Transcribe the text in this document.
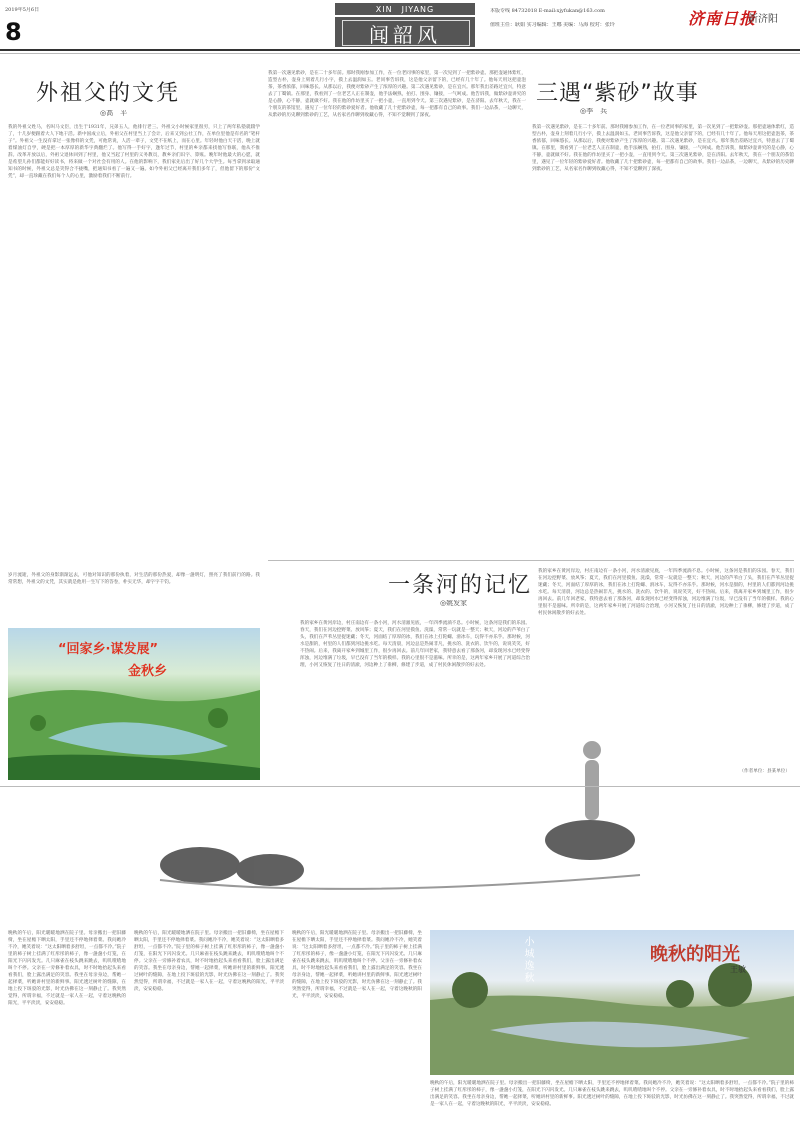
8
XIN　JIYANG
闻韶风
2019年5月6日	本版专线 84732018 E-mail:xjyfukan@163.com
值班主任：耿娟 实习编辑：王娜 美编：马海 校对：张玲	济南日报
新济阳
外祖父的文凭
◎高　平
我的外祖父姓马，名叫马文臣，出生于1931年，兄弟五人，他排行老三。外祖父小时候家里很穷，只上了两年私塾就辍学了，十几岁便跟着大人下地干活。新中国成立后，外祖父在村里当上了会计，后来又到公社工作，在单位里他是有名的“笔杆子”。外祖父一生没有拿过一张像样的文凭，可他常说，人活一辈子，文凭不在纸上，而在心里。年轻时他白天干活，晚上就着煤油灯自学，硬是把一本厚厚的新华字典翻烂了。他写得一手好字，逢年过节，村里的乡亲都来找他写春联，他从不推辞。改革开放以后，外祖父退休回到了村里，他又当起了村里的义务教员，教乡亲们识字、算账。晚年时他最大的心愿，就是希望儿孙们都能好好读书，将来做一个对社会有用的人。在他的影响下，我们家先后出了好几个大学生。每当拿到录取通知书的时候，外祖父总是笑得合不拢嘴，把通知书看了一遍又一遍。如今外祖父已经离开我们多年了，但他留下的那份“文凭”，却一直珍藏在我们每个人的心里，激励着我们不断前行。
岁月流逝，外祖父的身影渐渐远去，可他对知识的那份执着，对生活的那份热爱，却像一盏明灯，照亮了我们前行的路。我常常想，外祖父的文凭，其实就是他用一生写下的答卷，朴实无华，却字字千钧。
“回家乡·谋发展”
金秋乡
三遇“紫砂”故事
◎李　兵
我第一次遇见紫砂，是在二十多年前。那时我刚参加工作，在一位老同事的家里，第一次见到了一把紫砂壶。那把壶通体紫红，造型古朴，壶身上刻着几行小字，摸上去温润如玉。老同事告诉我，这是他父亲留下的，已经有几十年了。他每天用这把壶泡茶，茶香浓郁，回味悠长。从那以后，我便对紫砂产生了浓厚的兴趣。第二次遇见紫砂，是在宜兴。那年我出差路过宜兴，特意去了丁蜀镇。在那里，我看到了一位老艺人正在制壶，他手法娴熟，拍打、围身、镶接，一气呵成。他告诉我，做紫砂壶讲究的是心静，心不静，壶就做不好。我在他的作坊里买了一把小壶，一直用到今天。第三次遇见紫砂，是在济阳。去年秋天，我在一个朋友的茶馆里，遇见了一位年轻的紫砂爱好者。他收藏了几十把紫砂壶，每一把都有自己的故事。我们一边品茶，一边聊天，从紫砂的历史聊到紫砂的工艺，从名家名作聊到收藏心得，不知不觉聊到了深夜。
我第一次遇见紫砂，是在二十多年前。那时我刚参加工作，在一位老同事的家里，第一次见到了一把紫砂壶。那把壶通体紫红，造型古朴，壶身上刻着几行小字，摸上去温润如玉。老同事告诉我，这是他父亲留下的，已经有几十年了。他每天用这把壶泡茶，茶香浓郁，回味悠长。从那以后，我便对紫砂产生了浓厚的兴趣。第二次遇见紫砂，是在宜兴。那年我出差路过宜兴，特意去了丁蜀镇。在那里，我看到了一位老艺人正在制壶，他手法娴熟，拍打、围身、镶接，一气呵成。他告诉我，做紫砂壶讲究的是心静，心不静，壶就做不好。我在他的作坊里买了一把小壶，一直用到今天。第三次遇见紫砂，是在济阳。去年秋天，我在一个朋友的茶馆里，遇见了一位年轻的紫砂爱好者。他收藏了几十把紫砂壶，每一把都有自己的故事。我们一边品茶，一边聊天，从紫砂的历史聊到紫砂的工艺，从名家名作聊到收藏心得，不知不觉聊到了深夜。
一条河的记忆
◎姚发家
我的家乡在黄河岸边，村庄南边有一条小河，河水清澈见底，一年四季流淌不息。小时候，这条河是我们的乐园。春天，我们在河边挖野菜、放风筝；夏天，我们在河里摸鱼、洗澡，常常一玩就是一整天；秋天，河边的芦苇白了头，我们在芦苇丛里捉迷藏；冬天，河面结了厚厚的冰，我们在冰上打陀螺、滑冰车，玩得不亦乐乎。那时候，河水是甜的，村里的人们都到河边挑水吃。每天清晨，河边总是热闹非凡，挑水的、洗衣的、饮牛的，说说笑笑，好不热闹。后来，我离开家乡到城里工作，很少再回去。前几年回老家，我特意去看了那条河，却发现河水已经变得浑浊，河边堆满了垃圾，早已没有了当年的模样。我的心里很不是滋味。所幸的是，这两年家乡开展了河道综合治理，小河又恢复了往日的清澈，河边种上了垂柳，修建了步道，成了村民休闲散步的好去处。
我的家乡在黄河岸边，村庄南边有一条小河，河水清澈见底，一年四季流淌不息。小时候，这条河是我们的乐园。春天，我们在河边挖野菜、放风筝；夏天，我们在河里摸鱼、洗澡，常常一玩就是一整天；秋天，河边的芦苇白了头，我们在芦苇丛里捉迷藏；冬天，河面结了厚厚的冰，我们在冰上打陀螺、滑冰车，玩得不亦乐乎。那时候，河水是甜的，村里的人们都到河边挑水吃。每天清晨，河边总是热闹非凡，挑水的、洗衣的、饮牛的，说说笑笑，好不热闹。后来，我离开家乡到城里工作，很少再回去。前几年回老家，我特意去看了那条河，却发现河水已经变得浑浊，河边堆满了垃圾，早已没有了当年的模样。我的心里很不是滋味。所幸的是，这两年家乡开展了河道综合治理，小河又恢复了往日的清澈，河边种上了垂柳，修建了步道，成了村民休闲散步的好去处。
（作者单位：县某单位）
晚秋的午后，阳光暖暖地洒在院子里。母亲搬出一把旧藤椅，坐在屋檐下晒太阳，手里还不停地择着菜。我问她冷不冷，她笑着说：“这太阳晒着多舒坦，一点都不冷。”院子里的柿子树上挂满了红彤彤的柿子，像一盏盏小灯笼，在阳光下闪闪发光。几只麻雀在枝头跳来跳去，叽叽喳喳地叫个不停。父亲在一旁修补着农具，时不时地抬起头来看看我们，脸上露出满足的笑容。我坐在母亲身边，帮她一起择菜，听她讲村里的新鲜事。阳光透过树叶的缝隙，在地上投下斑驳的光影，时光仿佛在这一刻静止了。我突然觉得，所谓幸福，不过就是一家人在一起，守着这晚秋的阳光，平平淡淡，安安稳稳。
晚秋的午后，阳光暖暖地洒在院子里。母亲搬出一把旧藤椅，坐在屋檐下晒太阳，手里还不停地择着菜。我问她冷不冷，她笑着说：“这太阳晒着多舒坦，一点都不冷。”院子里的柿子树上挂满了红彤彤的柿子，像一盏盏小灯笼，在阳光下闪闪发光。几只麻雀在枝头跳来跳去，叽叽喳喳地叫个不停。父亲在一旁修补着农具，时不时地抬起头来看看我们，脸上露出满足的笑容。我坐在母亲身边，帮她一起择菜，听她讲村里的新鲜事。阳光透过树叶的缝隙，在地上投下斑驳的光影，时光仿佛在这一刻静止了。我突然觉得，所谓幸福，不过就是一家人在一起，守着这晚秋的阳光，平平淡淡，安安稳稳。
晚秋的午后，阳光暖暖地洒在院子里。母亲搬出一把旧藤椅，坐在屋檐下晒太阳，手里还不停地择着菜。我问她冷不冷，她笑着说：“这太阳晒着多舒坦，一点都不冷。”院子里的柿子树上挂满了红彤彤的柿子，像一盏盏小灯笼，在阳光下闪闪发光。几只麻雀在枝头跳来跳去，叽叽喳喳地叫个不停。父亲在一旁修补着农具，时不时地抬起头来看看我们，脸上露出满足的笑容。我坐在母亲身边，帮她一起择菜，听她讲村里的新鲜事。阳光透过树叶的缝隙，在地上投下斑驳的光影，时光仿佛在这一刻静止了。我突然觉得，所谓幸福，不过就是一家人在一起，守着这晚秋的阳光，平平淡淡，安安稳稳。
晚秋的午后，阳光暖暖地洒在院子里。母亲搬出一把旧藤椅，坐在屋檐下晒太阳，手里还不停地择着菜。我问她冷不冷，她笑着说：“这太阳晒着多舒坦，一点都不冷。”院子里的柿子树上挂满了红彤彤的柿子，像一盏盏小灯笼，在阳光下闪闪发光。几只麻雀在枝头跳来跳去，叽叽喳喳地叫个不停。父亲在一旁修补着农具，时不时地抬起头来看看我们，脸上露出满足的笑容。我坐在母亲身边，帮她一起择菜，听她讲村里的新鲜事。阳光透过树叶的缝隙，在地上投下斑驳的光影，时光仿佛在这一刻静止了。我突然觉得，所谓幸福，不过就是一家人在一起，守着这晚秋的阳光，平平淡淡，安安稳稳。
小城逸秋	晚秋的阳光
王敏
